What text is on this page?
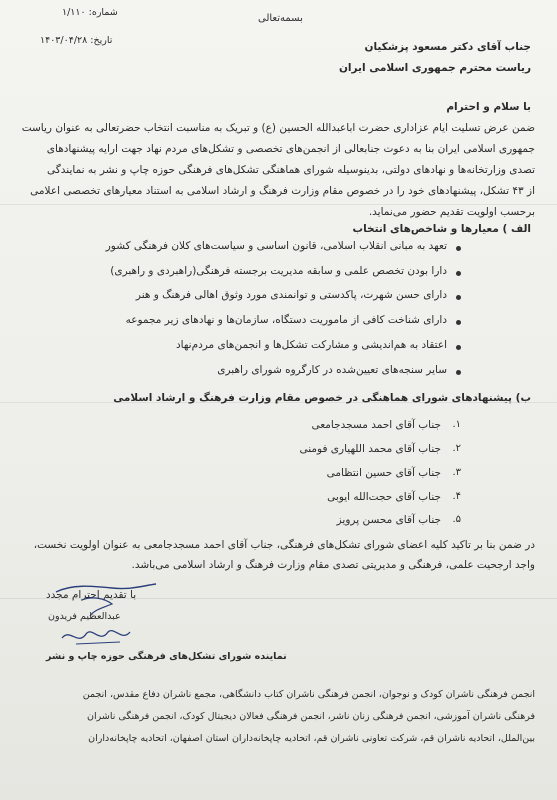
شماره: ۱/۱۱۰
تاریخ: ۱۴۰۳/۰۴/۲۸
بسمه‌تعالی
جناب آقای دکتر مسعود پزشکیان
ریاست محترم جمهوری اسلامی ایران
با سلام و احترام
ضمن عرض تسلیت ایام عزاداری حضرت اباعبدالله الحسین (ع) و تبریک به مناسبت انتخاب حضرتعالی به عنوان ریاست
جمهوری اسلامی ایران بنا به دعوت جنابعالی از انجمن‌های تخصصی و تشکل‌های مردم نهاد جهت ارایه پیشنهادهای
تصدی وزارتخانه‌ها و نهادهای دولتی، بدینوسیله شورای هماهنگی تشکل‌های فرهنگی حوزه چاپ و نشر به نمایندگی
از ۴۳ تشکل، پیشنهادهای خود را در خصوص مقام وزارت فرهنگ و ارشاد اسلامی به استناد معیارهای تخصصی اعلامی
برحسب اولویت تقدیم حضور می‌نماید.
الف ) معیارها و شاخص‌های انتخاب
تعهد به مبانی انقلاب اسلامی، قانون اساسی و سیاست‌های کلان فرهنگی کشور
دارا بودن تخصص علمی و سابقه مدیریت برجسته فرهنگی(راهبردی و راهبری)
دارای حسن شهرت، پاکدستی و توانمندی مورد وثوق اهالی فرهنگ و هنر
دارای شناخت کافی از ماموریت دستگاه، سازمان‌ها و نهادهای زیر مجموعه
اعتقاد به هم‌اندیشی و مشارکت تشکل‌ها و انجمن‌های مردم‌نهاد
سایر سنجه‌های تعیین‌شده در کارگروه شورای راهبری
ب) پیشنهادهای شورای هماهنگی در خصوص مقام وزارت فرهنگ و ارشاد اسلامی
۱.
جناب آقای احمد مسجدجامعی
۲.
جناب آقای محمد اللهیاری فومنی
۳.
جناب آقای حسین انتظامی
۴.
جناب آقای حجت‌الله ایوبی
۵.
جناب آقای محسن پرویز
در ضمن بنا بر تاکید کلیه اعضای شورای تشکل‌های فرهنگی، جناب آقای احمد مسجدجامعی به عنوان اولویت نخست،
واجد ارجحیت علمی، فرهنگی و مدیریتی تصدی مقام وزارت فرهنگ و ارشاد اسلامی می‌باشد.
با تقدیم احترام مجدد
عبدالعظیم فریدون
نماینده شورای تشکل‌های فرهنگی حوزه چاپ و نشر
انجمن فرهنگی ناشران کودک و نوجوان، انجمن فرهنگی ناشران کتاب دانشگاهی، مجمع ناشران دفاع مقدس، انجمن
فرهنگی ناشران آموزشی، انجمن فرهنگی زنان ناشر، انجمن فرهنگی فعالان دیجیتال کودک، انجمن فرهنگی ناشران
بین‌الملل، اتحادیه ناشران قم، شرکت تعاونی ناشران قم، اتحادیه چاپخانه‌داران استان اصفهان، اتحادیه چاپخانه‌داران
